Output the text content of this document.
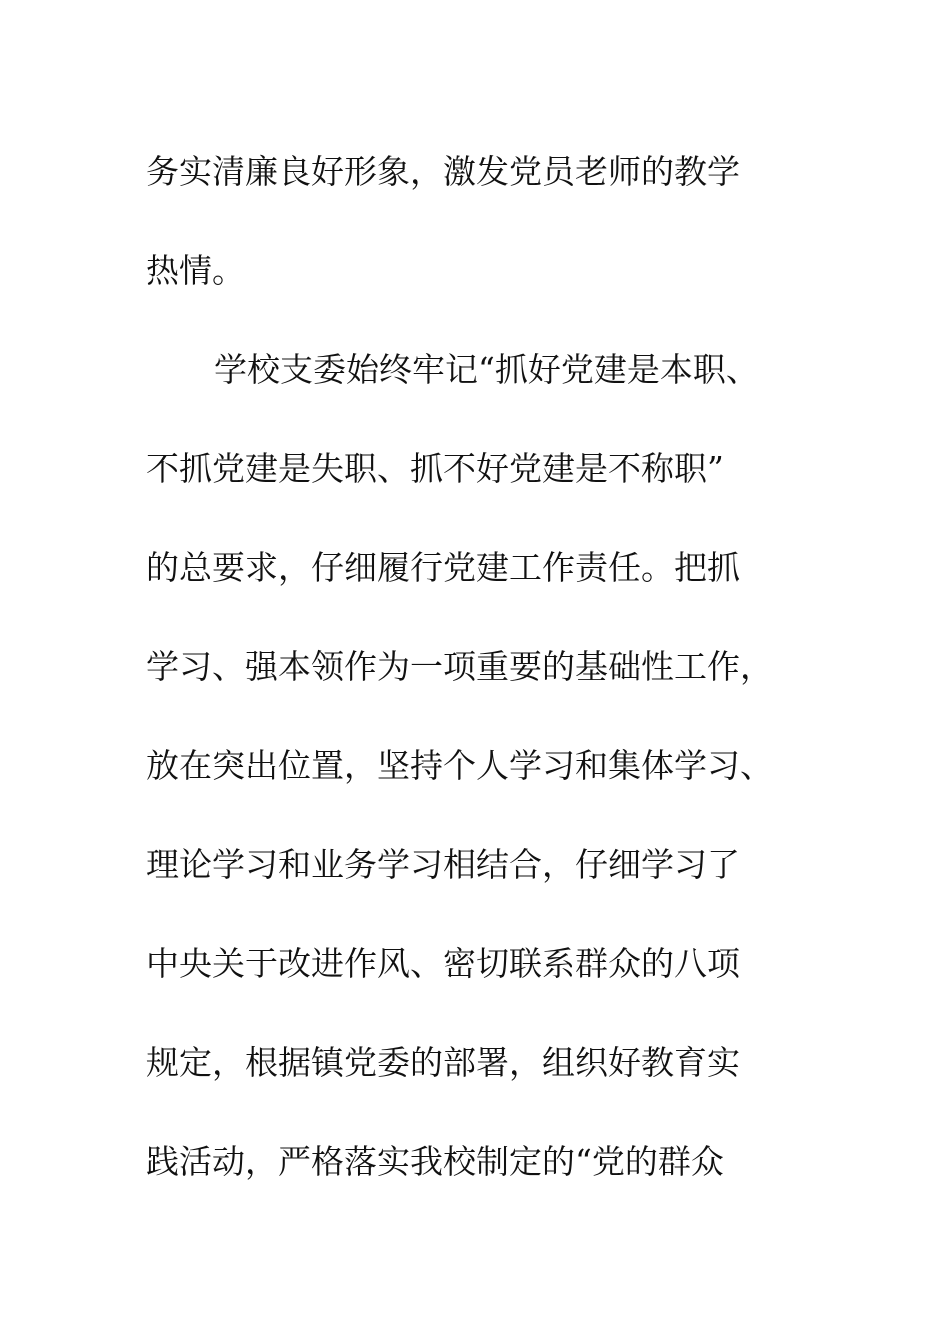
务实清廉良好形象，激发党员老师的教学
热情。
学校支委始终牢记“抓好党建是本职、
不抓党建是失职、抓不好党建是不称职”
的总要求，仔细履行党建工作责任。把抓
学习、强本领作为一项重要的基础性工作，
放在突出位置，坚持个人学习和集体学习、
理论学习和业务学习相结合，仔细学习了
中央关于改进作风、密切联系群众的八项
规定，根据镇党委的部署，组织好教育实
践活动，严格落实我校制定的“党的群众
